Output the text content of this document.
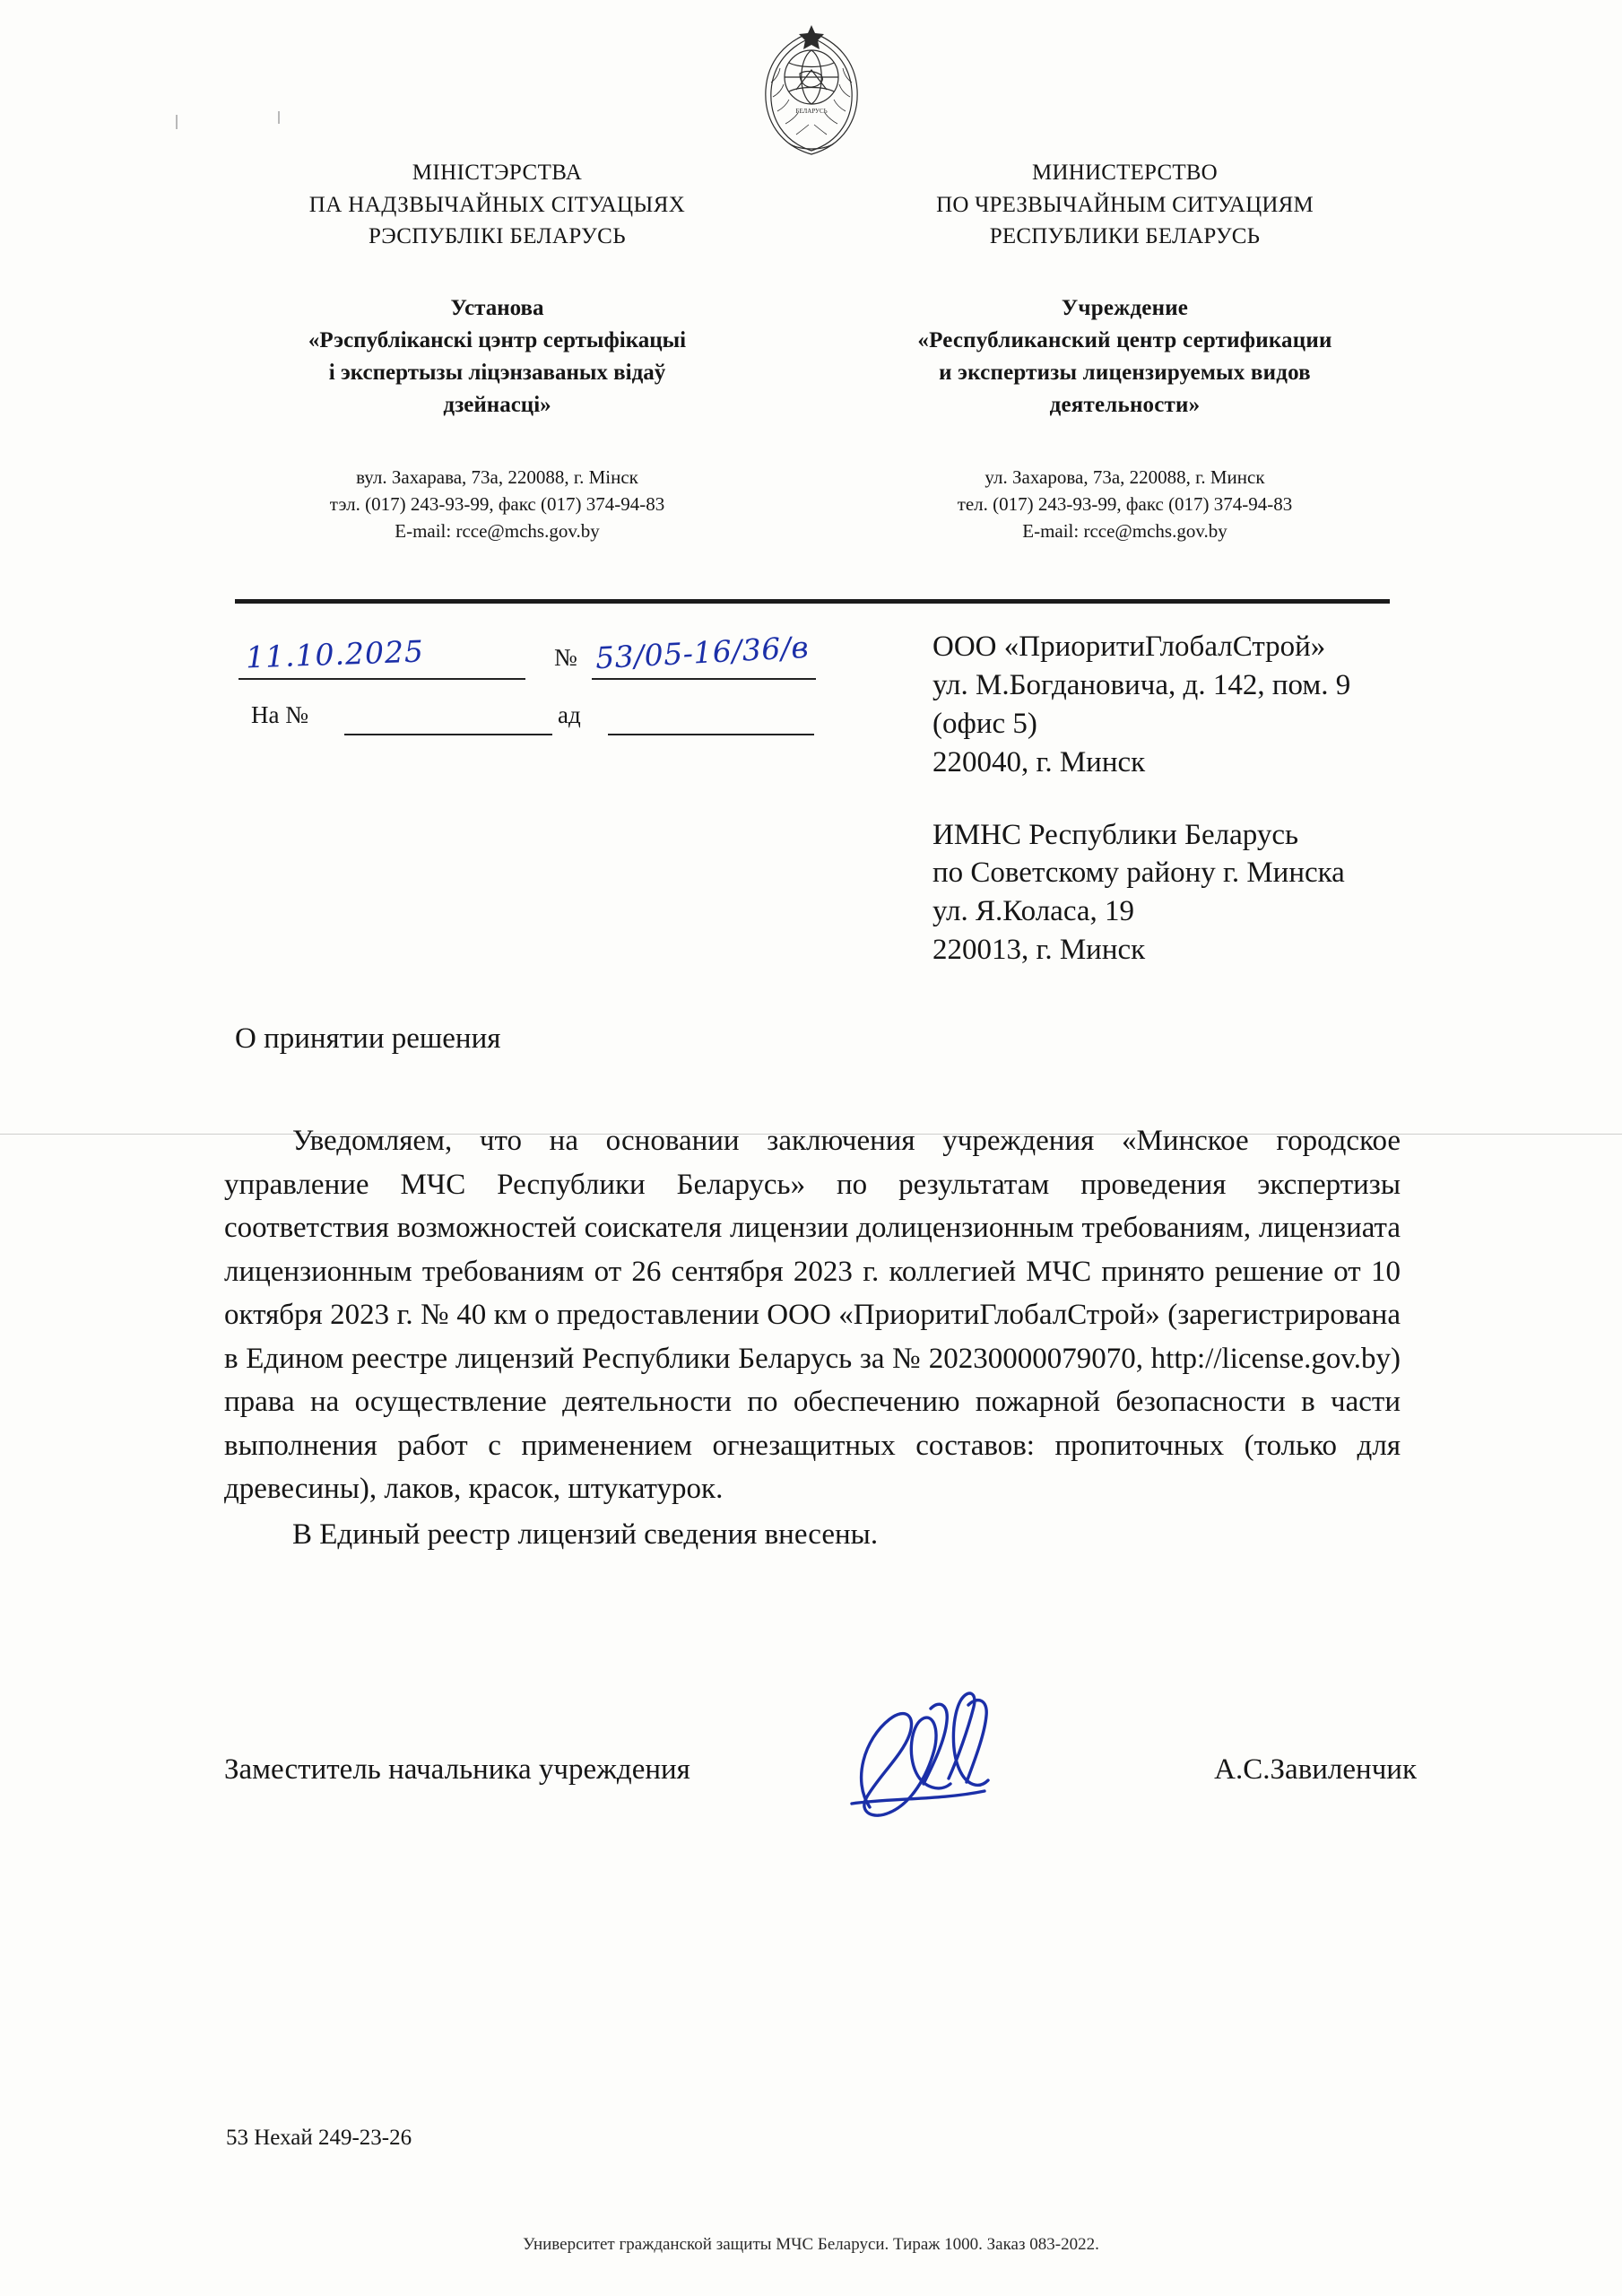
БЕЛАРУСЬ
МІНІСТЭРСТВА
ПА НАДЗВЫЧАЙНЫХ СІТУАЦЫЯХ
РЭСПУБЛІКІ БЕЛАРУСЬ
Установа
«Рэспубліканскі цэнтр сертыфікацыі
і экспертызы ліцэнзаваных відаў
дзейнасці»
вул. Захарава, 73а, 220088, г. Мінск
тэл. (017) 243-93-99, факс (017) 374-94-83
E-mail: rcce@mchs.gov.by
МИНИСТЕРСТВО
ПО ЧРЕЗВЫЧАЙНЫМ СИТУАЦИЯМ
РЕСПУБЛИКИ БЕЛАРУСЬ
Учреждение
«Республиканский центр сертификации
и экспертизы лицензируемых видов
деятельности»
ул. Захарова, 73а, 220088, г. Минск
тел. (017) 243-93-99, факс (017) 374-94-83
E-mail: rcce@mchs.gov.by
11.10.2025	№ 53/05-16/36/в
На №	ад
ООО «ПриоритиГлобалСтрой»
ул. М.Богдановича, д. 142, пом. 9
(офис 5)
220040, г. Минск
ИМНС Республики Беларусь
по Советскому району г. Минска
ул. Я.Коласа, 19
220013, г. Минск
О принятии решения

Уведомляем, что на основании заключения учреждения «Минское городское управление МЧС Республики Беларусь» по результатам проведения экспертизы соответствия возможностей соискателя лицензии долицензионным требованиям, лицензиата лицензионным требованиям от 26 сентября 2023 г. коллегией МЧС принято решение от 10 октября 2023 г. № 40 км о предоставлении ООО «ПриоритиГлобалСтрой» (зарегистрирована в Едином реестре лицензий Республики Беларусь за № 20230000079070, http://license.gov.by) права на осуществление деятельности по обеспечению пожарной безопасности в части выполнения работ с применением огнезащитных составов: пропиточных (только для древесины), лаков, красок, штукатурок.

В Единый реестр лицензий сведения внесены.

Заместитель начальника учреждения	А.С.Завиленчик
53 Нехай 249-23-26
Университет гражданской защиты МЧС Беларуси. Тираж 1000. Заказ 083-2022.
